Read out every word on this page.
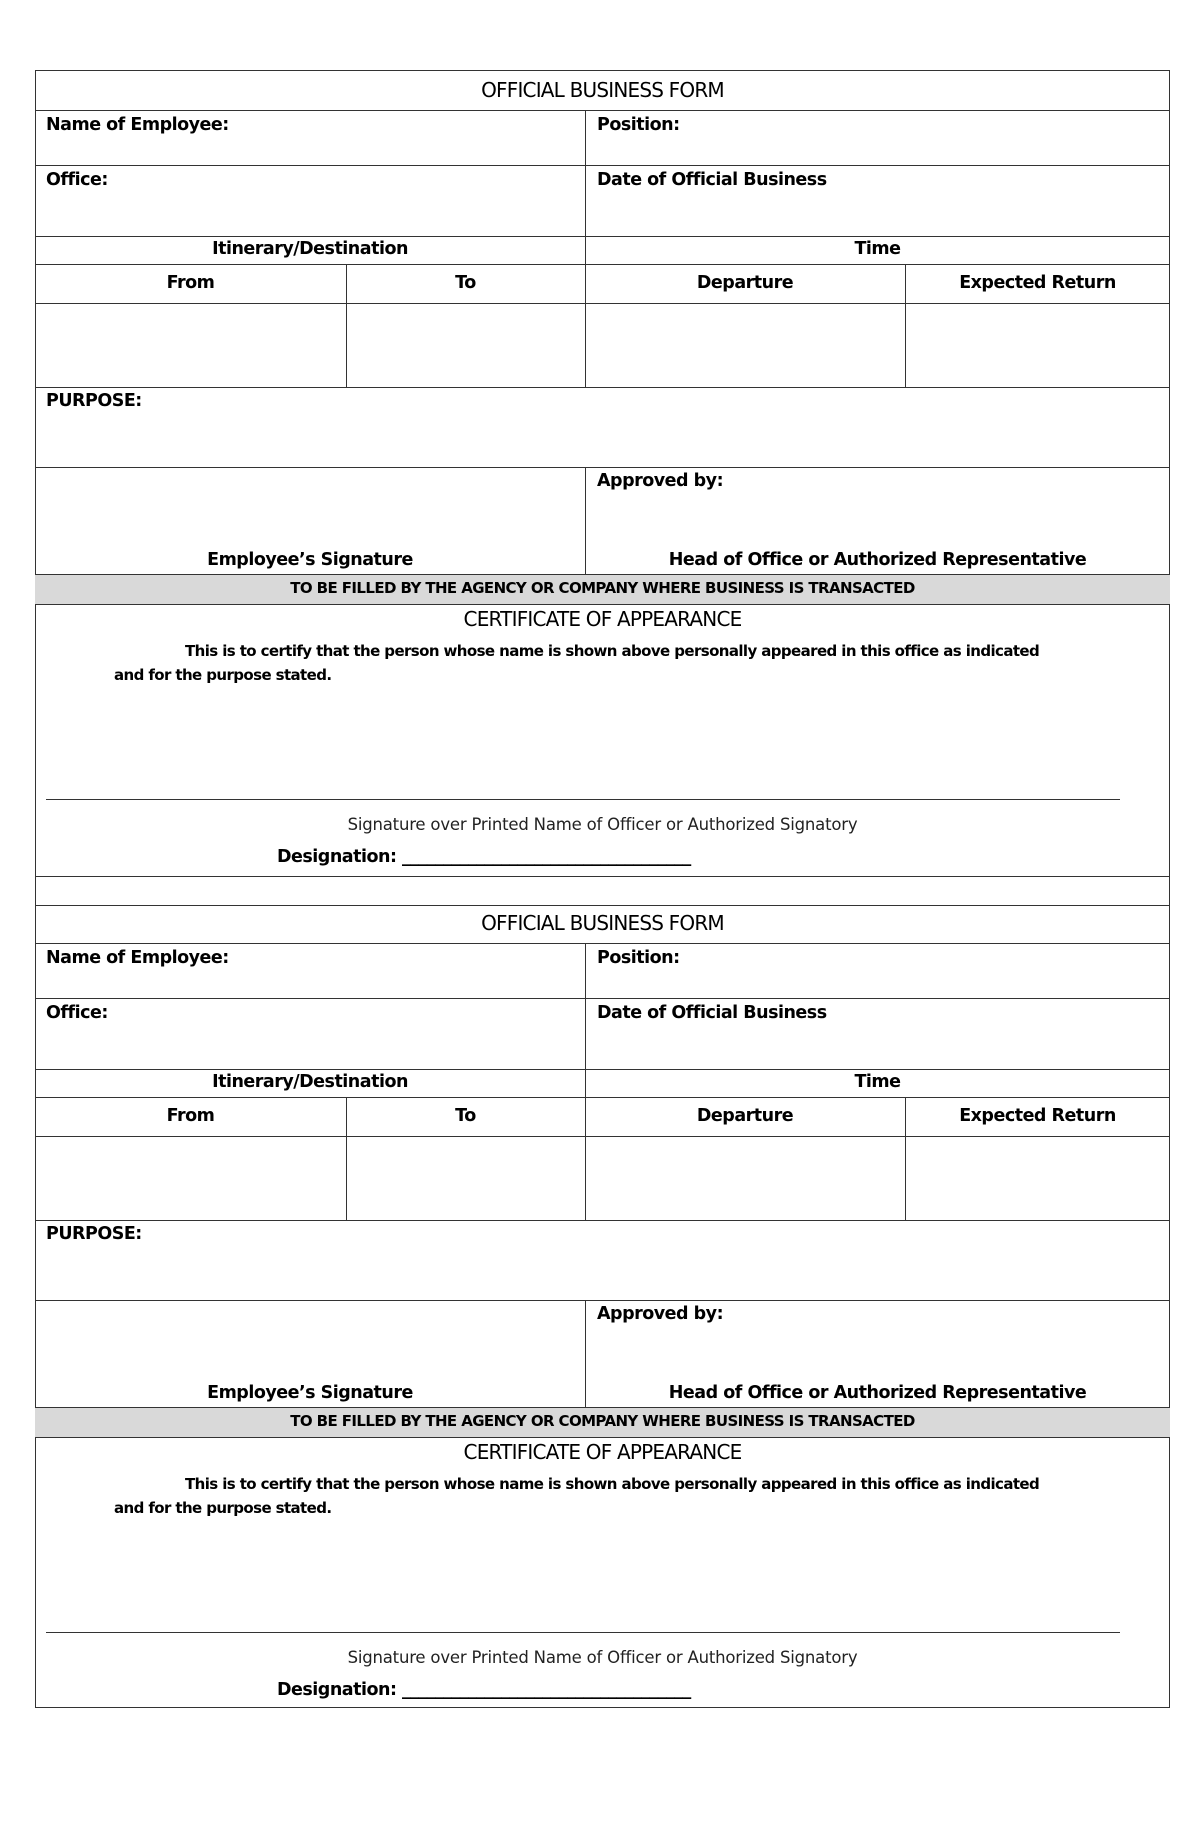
OFFICIAL BUSINESS FORM
Name of Employee:	Position:
Office:	Date of Official Business
Itinerary/Destination	Time
From	To	Departure	Expected Return
PURPOSE:
Approved by:
Employee’s Signature	Head of Office or Authorized Representative
TO BE FILLED BY THE AGENCY OR COMPANY WHERE BUSINESS IS TRANSACTED
CERTIFICATE OF APPEARANCE
This is to certify that the person whose name is shown above personally appeared in this office as indicated
and for the purpose stated.
Signature over Printed Name of Officer or Authorized Signatory
Designation: ___________________________________
OFFICIAL BUSINESS FORM
Name of Employee:	Position:
Office:	Date of Official Business
Itinerary/Destination	Time
From	To	Departure	Expected Return
PURPOSE:
Approved by:
Employee’s Signature	Head of Office or Authorized Representative
TO BE FILLED BY THE AGENCY OR COMPANY WHERE BUSINESS IS TRANSACTED
CERTIFICATE OF APPEARANCE
This is to certify that the person whose name is shown above personally appeared in this office as indicated
and for the purpose stated.
Signature over Printed Name of Officer or Authorized Signatory
Designation: ___________________________________
